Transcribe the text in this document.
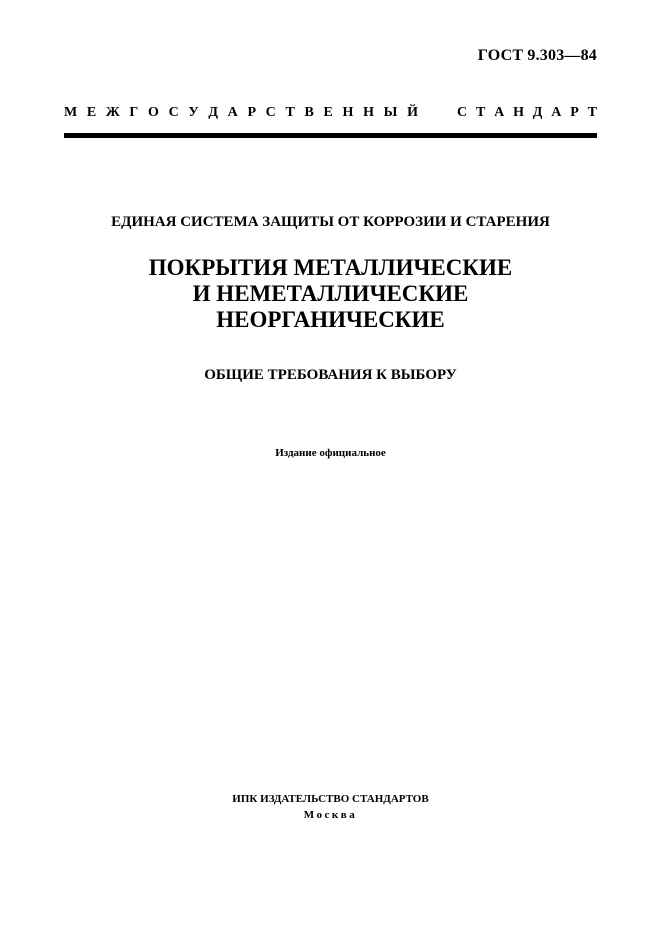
ГОСТ 9.303—84
М Е Ж Г О С У Д А Р С Т В Е Н Н Ы Й	С Т А Н Д А Р Т
ЕДИНАЯ СИСТЕМА ЗАЩИТЫ ОТ КОРРОЗИИ И СТАРЕНИЯ
ПОКРЫТИЯ МЕТАЛЛИЧЕСКИЕ
И НЕМЕТАЛЛИЧЕСКИЕ
НЕОРГАНИЧЕСКИЕ
ОБЩИЕ ТРЕБОВАНИЯ К ВЫБОРУ
Издание официальное
ИПК ИЗДАТЕЛЬСТВО СТАНДАРТОВ
Москва
